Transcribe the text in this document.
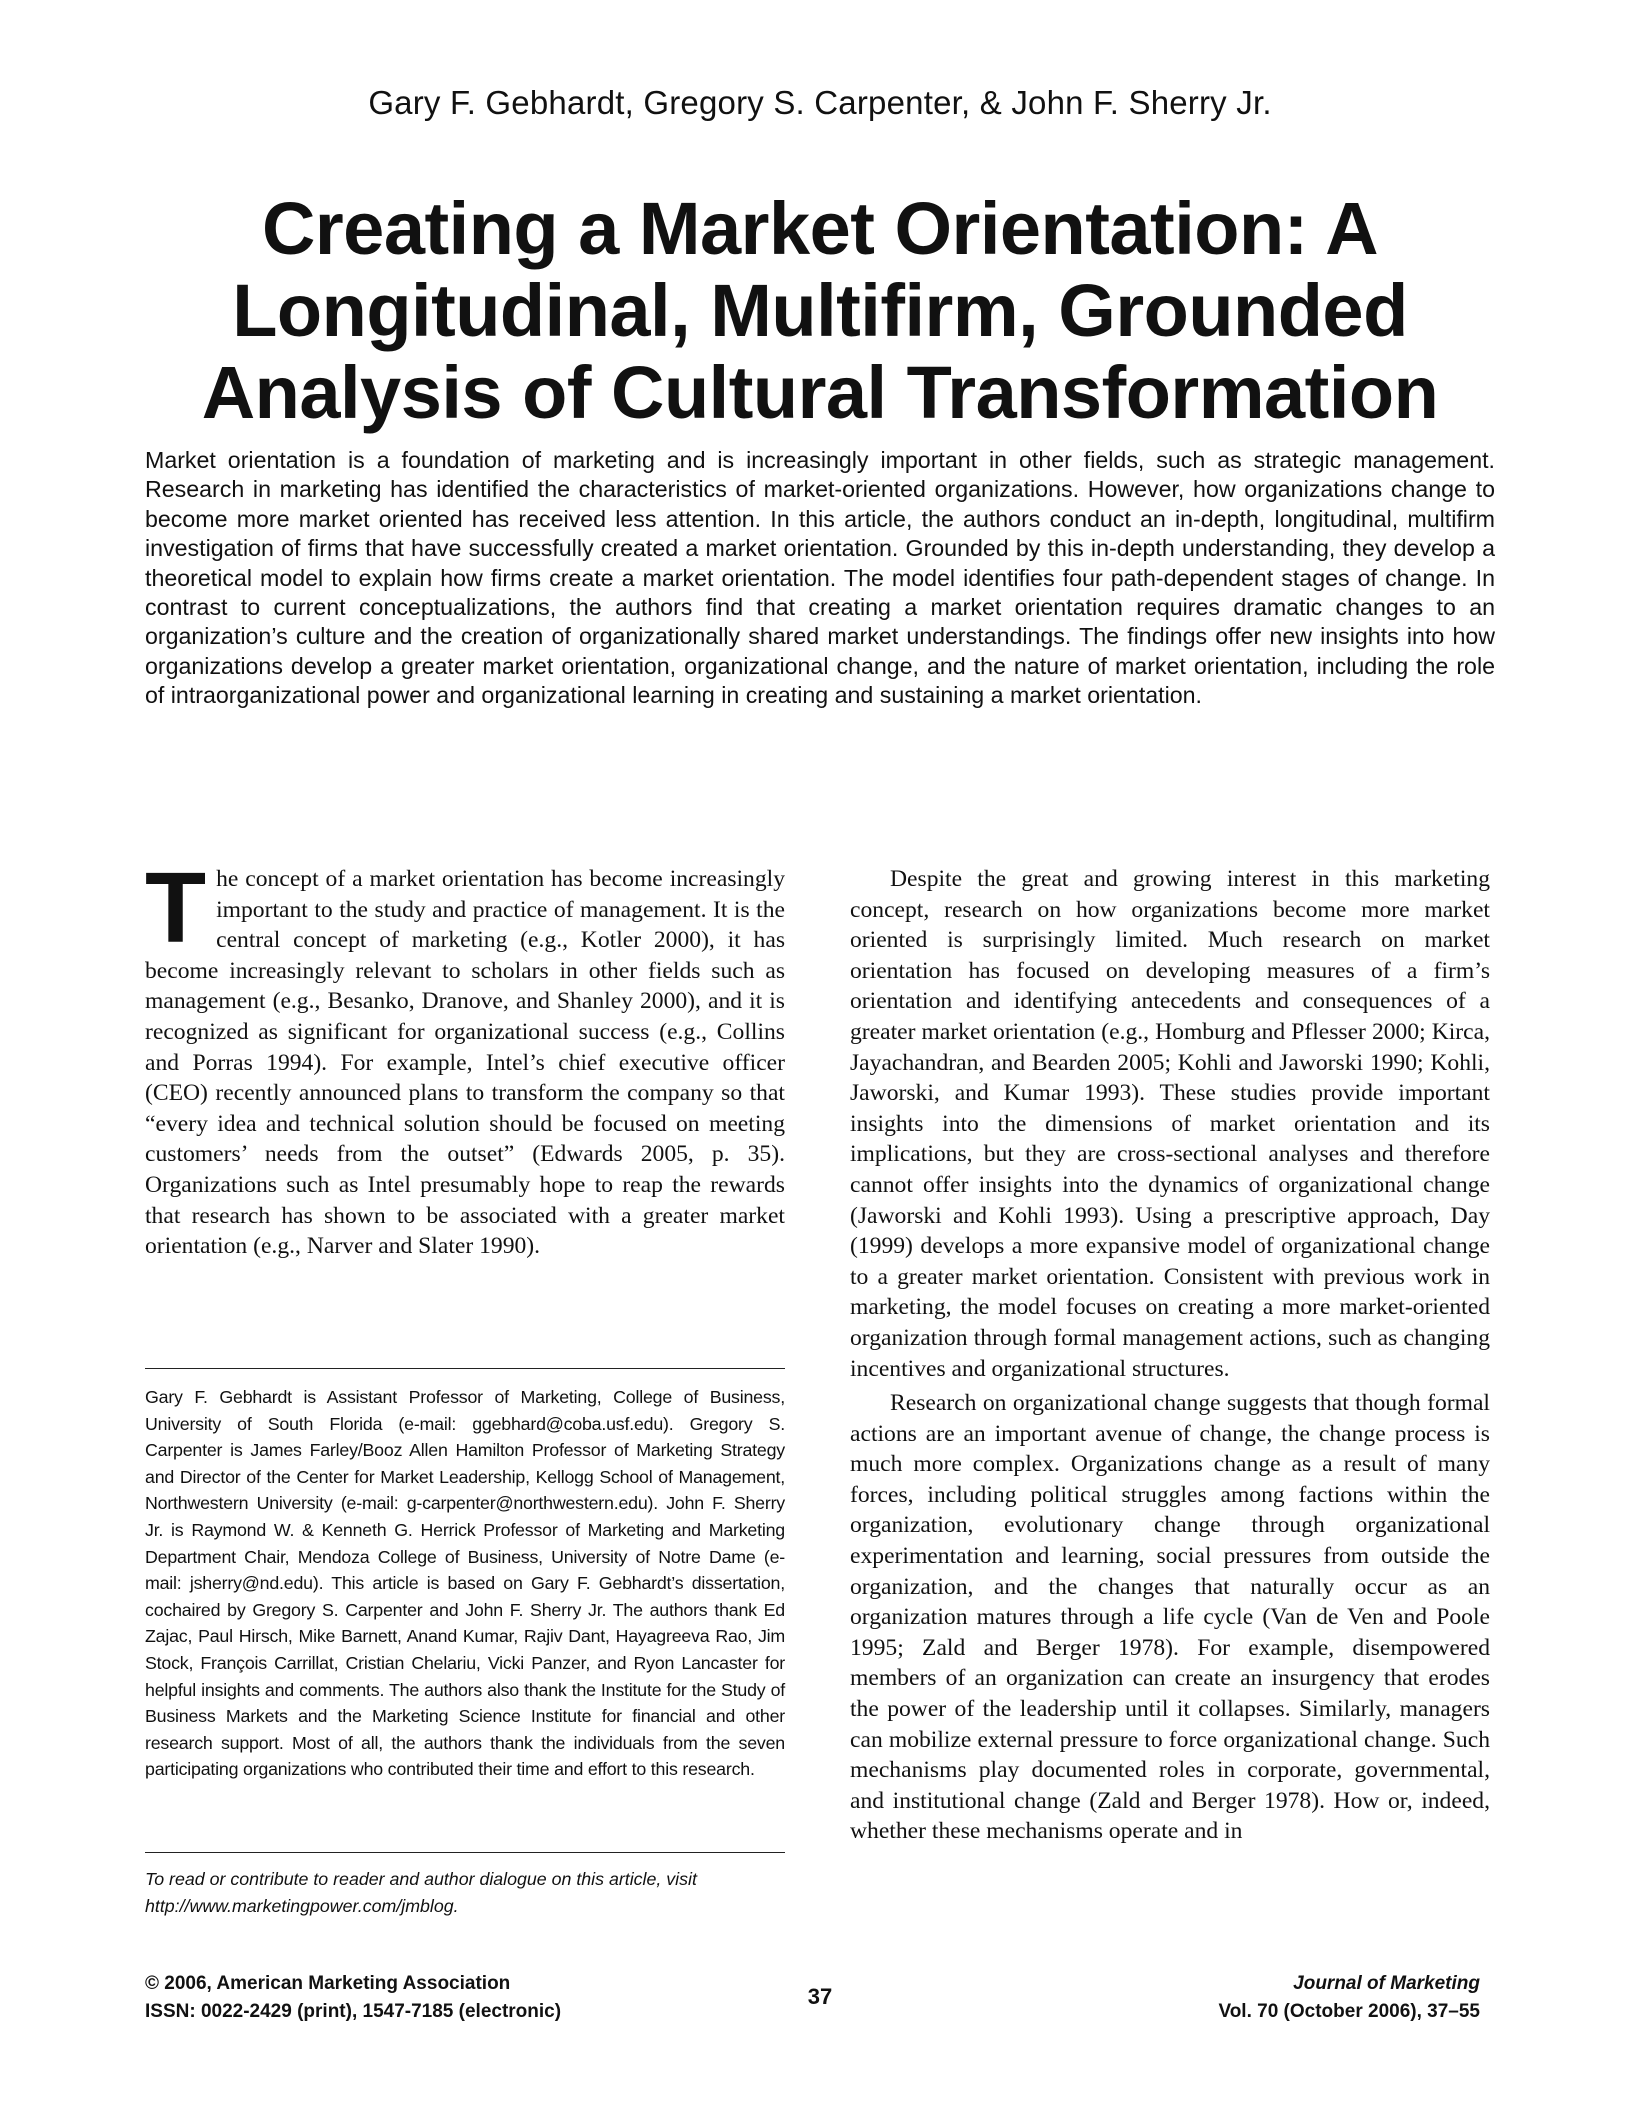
Gary F. Gebhardt, Gregory S. Carpenter, & John F. Sherry Jr.
Creating a Market Orientation: A Longitudinal, Multifirm, Grounded Analysis of Cultural Transformation
Market orientation is a foundation of marketing and is increasingly important in other fields, such as strategic management. Research in marketing has identified the characteristics of market-oriented organizations. However, how organizations change to become more market oriented has received less attention. In this article, the authors conduct an in-depth, longitudinal, multifirm investigation of firms that have successfully created a market orientation. Grounded by this in-depth understanding, they develop a theoretical model to explain how firms create a market orientation. The model identifies four path-dependent stages of change. In contrast to current conceptualizations, the authors find that creating a market orientation requires dramatic changes to an organization’s culture and the creation of organizationally shared market understandings. The findings offer new insights into how organizations develop a greater market orientation, organizational change, and the nature of market orientation, including the role of intraorganizational power and organizational learning in creating and sustaining a market orientation.

The concept of a market orientation has become increasingly important to the study and practice of management. It is the central concept of marketing (e.g., Kotler 2000), it has become increasingly relevant to scholars in other fields such as management (e.g., Besanko, Dranove, and Shanley 2000), and it is recognized as significant for organizational success (e.g., Collins and Porras 1994). For example, Intel’s chief executive officer (CEO) recently announced plans to transform the company so that “every idea and technical solution should be focused on meeting customers’ needs from the outset” (Edwards 2005, p. 35). Organizations such as Intel presumably hope to reap the rewards that research has shown to be associated with a greater market orientation (e.g., Narver and Slater 1990).

Despite the great and growing interest in this marketing concept, research on how organizations become more market oriented is surprisingly limited. Much research on market orientation has focused on developing measures of a firm’s orientation and identifying antecedents and consequences of a greater market orientation (e.g., Homburg and Pflesser 2000; Kirca, Jayachandran, and Bearden 2005; Kohli and Jaworski 1990; Kohli, Jaworski, and Kumar 1993). These studies provide important insights into the dimensions of market orientation and its implications, but they are cross-sectional analyses and therefore cannot offer insights into the dynamics of organizational change (Jaworski and Kohli 1993). Using a prescriptive approach, Day (1999) develops a more expansive model of organizational change to a greater market orientation. Consistent with previous work in marketing, the model focuses on creating a more market-oriented organization through formal management actions, such as changing incentives and organizational structures.

Research on organizational change suggests that though formal actions are an important avenue of change, the change process is much more complex. Organizations change as a result of many forces, including political struggles among factions within the organization, evolutionary change through organizational experimentation and learning, social pressures from outside the organization, and the changes that naturally occur as an organization matures through a life cycle (Van de Ven and Poole 1995; Zald and Berger 1978). For example, disempowered members of an organization can create an insurgency that erodes the power of the leadership until it collapses. Similarly, managers can mobilize external pressure to force organizational change. Such mechanisms play documented roles in corporate, governmental, and institutional change (Zald and Berger 1978). How or, indeed, whether these mechanisms operate and in

Gary F. Gebhardt is Assistant Professor of Marketing, College of Business, University of South Florida (e-mail: ggebhard@coba.usf.edu). Gregory S. Carpenter is James Farley/Booz Allen Hamilton Professor of Marketing Strategy and Director of the Center for Market Leadership, Kellogg School of Management, Northwestern University (e-mail: g-carpenter@northwestern.edu). John F. Sherry Jr. is Raymond W. & Kenneth G. Herrick Professor of Marketing and Marketing Department Chair, Mendoza College of Business, University of Notre Dame (e-mail: jsherry@nd.edu). This article is based on Gary F. Gebhardt’s dissertation, cochaired by Gregory S. Carpenter and John F. Sherry Jr. The authors thank Ed Zajac, Paul Hirsch, Mike Barnett, Anand Kumar, Rajiv Dant, Hayagreeva Rao, Jim Stock, François Carrillat, Cristian Chelariu, Vicki Panzer, and Ryon Lancaster for helpful insights and comments. The authors also thank the Institute for the Study of Business Markets and the Marketing Science Institute for financial and other research support. Most of all, the authors thank the individuals from the seven participating organizations who contributed their time and effort to this research.
To read or contribute to reader and author dialogue on this article, visit http://www.marketingpower.com/jmblog.
© 2006, American Marketing Association
ISSN: 0022-2429 (print), 1547-7185 (electronic)
37
Journal of Marketing
Vol. 70 (October 2006), 37–55
